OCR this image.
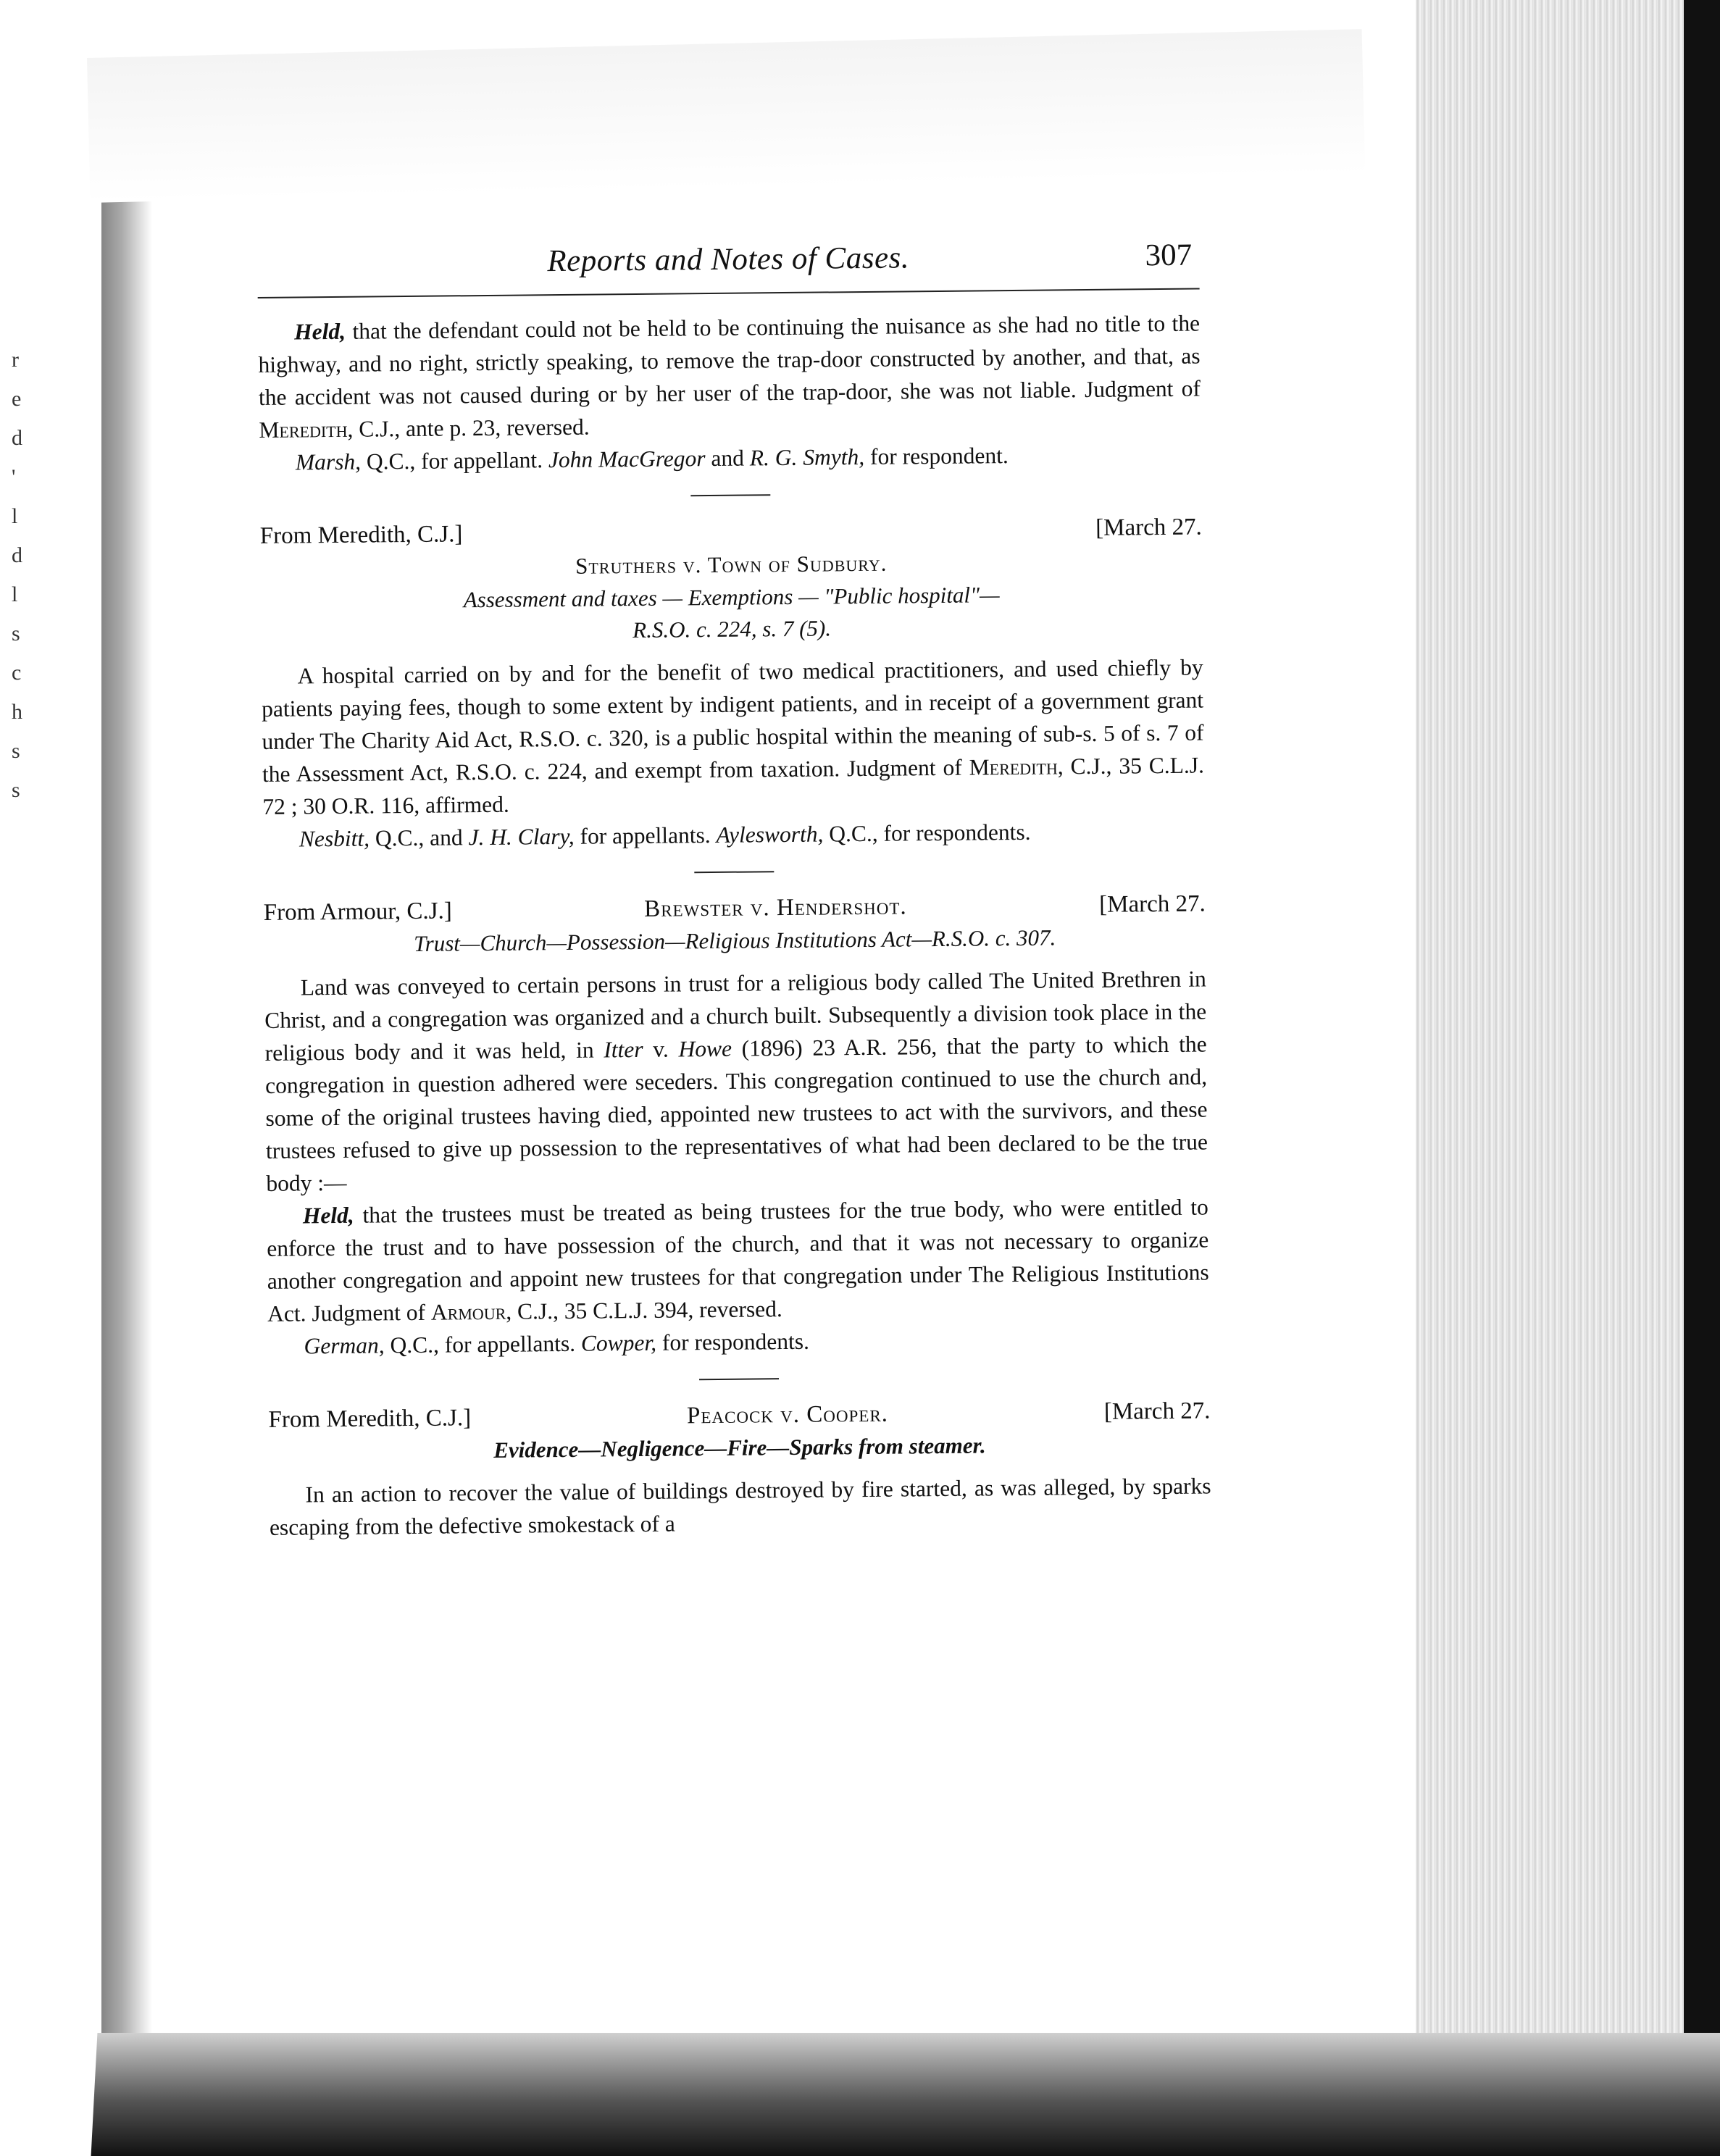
r
e
d
'
l
d
l
s
c
h
s
s
Reports and Notes of Cases.	307

Held, that the defendant could not be held to be continuing the nuisance as she had no title to the highway, and no right, strictly speaking, to remove the trap-door constructed by another, and that, as the accident was not caused during or by her user of the trap-door, she was not liable. Judgment of Meredith, C.J., ante p. 23, reversed.

Marsh, Q.C., for appellant. John MacGregor and R. G. Smyth, for respondent.

From Meredith, C.J.]	[March 27.
Struthers v. Town of Sudbury.
Assessment and taxes — Exemptions — "Public hospital"—
R.S.O. c. 224, s. 7 (5).

A hospital carried on by and for the benefit of two medical practitioners, and used chiefly by patients paying fees, though to some extent by indigent patients, and in receipt of a government grant under The Charity Aid Act, R.S.O. c. 320, is a public hospital within the meaning of sub-s. 5 of s. 7 of the Assessment Act, R.S.O. c. 224, and exempt from taxation. Judgment of Meredith, C.J., 35 C.L.J. 72 ; 30 O.R. 116, affirmed.

Nesbitt, Q.C., and J. H. Clary, for appellants. Aylesworth, Q.C., for respondents.

From Armour, C.J.]	Brewster v. Hendershot.	[March 27.
Trust—Church—Possession—Religious Institutions Act—R.S.O. c. 307.

Land was conveyed to certain persons in trust for a religious body called The United Brethren in Christ, and a congregation was organized and a church built. Subsequently a division took place in the religious body and it was held, in Itter v. Howe (1896) 23 A.R. 256, that the party to which the congregation in question adhered were seceders. This congregation continued to use the church and, some of the original trustees having died, appointed new trustees to act with the survivors, and these trustees refused to give up possession to the representatives of what had been declared to be the true body :—

Held, that the trustees must be treated as being trustees for the true body, who were entitled to enforce the trust and to have possession of the church, and that it was not necessary to organize another congregation and appoint new trustees for that congregation under The Religious Institutions Act. Judgment of Armour, C.J., 35 C.L.J. 394, reversed.

German, Q.C., for appellants. Cowper, for respondents.

From Meredith, C.J.]	Peacock v. Cooper.	[March 27.
Evidence—Negligence—Fire—Sparks from steamer.

In an action to recover the value of buildings destroyed by fire started, as was alleged, by sparks escaping from the defective smokestack of a
